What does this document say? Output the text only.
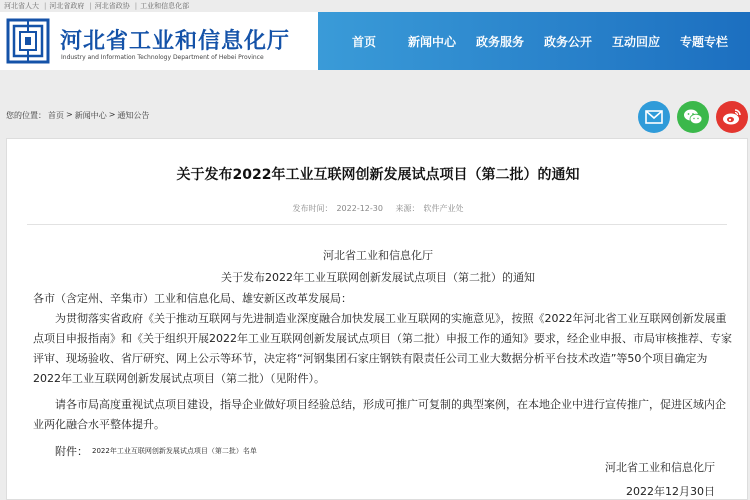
河北省人大 | 河北省政府 | 河北省政协 | 工业和信息化部
河北省工业和信息化厅
Industry and Information Technology Department of Hebei Province
首页	新闻中心	政务服务	政务公开	互动回应	专题专栏
您的位置： 首页 > 新闻中心 > 通知公告
关于发布2022年工业互联网创新发展试点项目（第二批）的通知
发布时间： 2022-12-30 来源： 软件产业处
河北省工业和信息化厅
关于发布2022年工业互联网创新发展试点项目（第二批）的通知
各市（含定州、辛集市）工业和信息化局、雄安新区改革发展局：
为贯彻落实省政府《关于推动互联网与先进制造业深度融合加快发展工业互联网的实施意见》，按照《2022年河北省工业互联网创新发展重点项目申报指南》和《关于组织开展2022年工业互联网创新发展试点项目（第二批）申报工作的通知》要求，经企业申报、市局审核推荐、专家评审、现场验收、省厅研究、网上公示等环节，决定将“河钢集团石家庄钢铁有限责任公司工业大数据分析平台技术改造”等50个项目确定为2022年工业互联网创新发展试点项目（第二批）（见附件）。
请各市局高度重视试点项目建设，指导企业做好项目经验总结，形成可推广可复制的典型案例，在本地企业中进行宣传推广，促进区域内企业两化融合水平整体提升。
附件： 2022年工业互联网创新发展试点项目（第二批）名单
河北省工业和信息化厅
2022年12月30日
